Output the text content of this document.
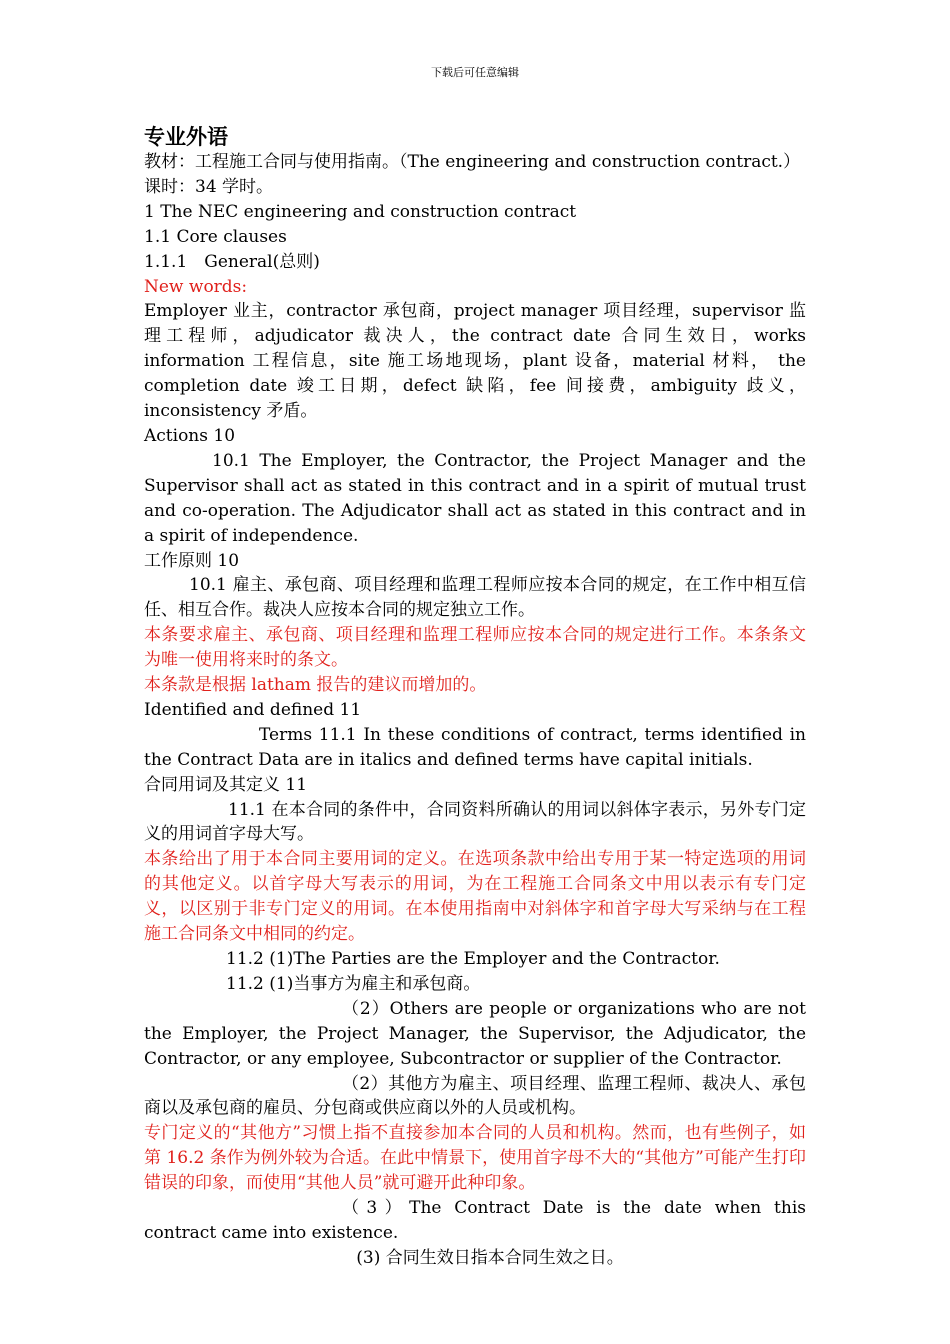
下载后可任意编辑
专业外语

教材：工程施工合同与使用指南。（The engineering and construction contract.）

课时：34 学时。

1 The NEC engineering and construction contract

1.1 Core clauses

1.1.1　General(总则)

New words:

Employer 业主，contractor 承包商，project manager 项目经理，supervisor 监理工程师，adjudicator 裁决人，the contract date 合同生效日，works information 工程信息，site 施工场地现场，plant 设备，material 材料， the completion date 竣工日期，defect 缺陷，fee 间接费，ambiguity 歧义，inconsistency 矛盾。

Actions 10

10.1 The Employer, the Contractor, the Project Manager and the Supervisor shall act as stated in this contract and in a spirit of mutual trust and co-operation. The Adjudicator shall act as stated in this contract and in a spirit of independence.

工作原则 10

10.1 雇主、承包商、项目经理和监理工程师应按本合同的规定，在工作中相互信任、相互合作。裁决人应按本合同的规定独立工作。

本条要求雇主、承包商、项目经理和监理工程师应按本合同的规定进行工作。本条条文为唯一使用将来时的条文。

本条款是根据 latham 报告的建议而增加的。

Identified and defined 11

Terms 11.1 In these conditions of contract, terms identified in the Contract Data are in italics and defined terms have capital initials.

合同用词及其定义 11

11.1 在本合同的条件中，合同资料所确认的用词以斜体字表示，另外专门定义的用词首字母大写。

本条给出了用于本合同主要用词的定义。在选项条款中给出专用于某一特定选项的用词的其他定义。以首字母大写表示的用词，为在工程施工合同条文中用以表示有专门定义，以区别于非专门定义的用词。在本使用指南中对斜体字和首字母大写采纳与在工程施工合同条文中相同的约定。

11.2 (1)The Parties are the Employer and the Contractor.

11.2 (1)当事方为雇主和承包商。

（2）Others are people or organizations who are not the Employer, the Project Manager, the Supervisor, the Adjudicator, the Contractor, or any employee, Subcontractor or supplier of the Contractor.

（2）其他方为雇主、项目经理、监理工程师、裁决人、承包商以及承包商的雇员、分包商或供应商以外的人员或机构。

专门定义的“其他方”习惯上指不直接参加本合同的人员和机构。然而，也有些例子，如第 16.2 条作为例外较为合适。在此中情景下，使用首字母不大的“其他方”可能产生打印错误的印象，而使用“其他人员”就可避开此种印象。

（3）The Contract Date is the date when this contract came into existence.

(3) 合同生效日指本合同生效之日。
